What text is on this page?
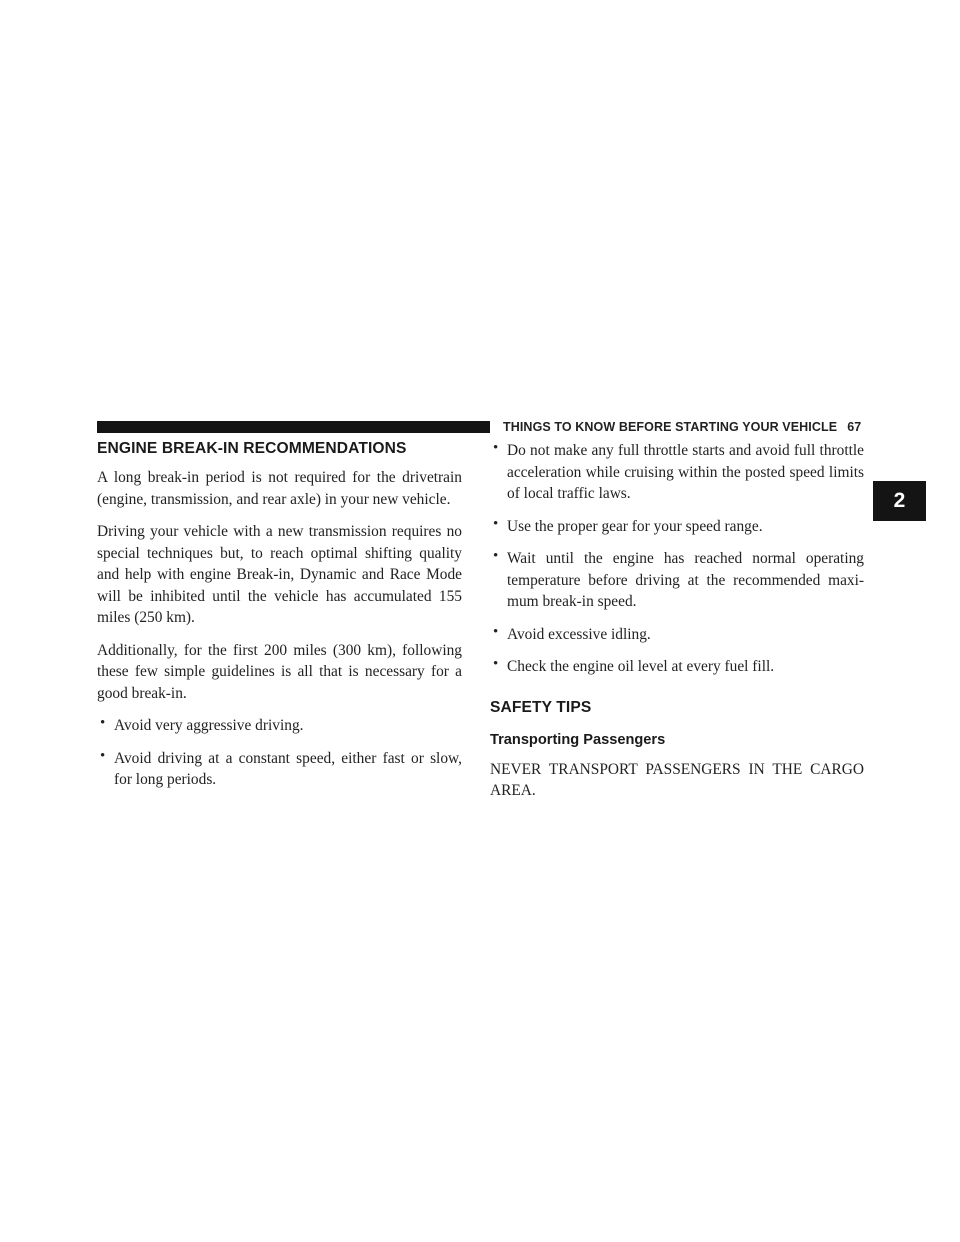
THINGS TO KNOW BEFORE STARTING YOUR VEHICLE 67
2
ENGINE BREAK-IN RECOMMENDATIONS

A long break-in period is not required for the drivetrain (engine, transmission, and rear axle) in your new vehicle.

Driving your vehicle with a new transmission requires no special techniques but, to reach optimal shifting quality and help with engine Break-in, Dynamic and Race Mode will be inhibited until the vehicle has accumulated 155 miles (250 km).

Additionally, for the first 200 miles (300 km), following these few simple guidelines is all that is necessary for a good break-in.

• Avoid very aggressive driving.

• Avoid driving at a constant speed, either fast or slow, for long periods.

• Do not make any full throttle starts and avoid full throttle acceleration while cruising within the posted speed limits of local traffic laws.

• Use the proper gear for your speed range.

• Wait until the engine has reached normal operating temperature before driving at the recommended maxi-mum break-in speed.

• Avoid excessive idling.

• Check the engine oil level at every fuel fill.

SAFETY TIPS
Transporting Passengers

NEVER TRANSPORT PASSENGERS IN THE CARGO AREA.
